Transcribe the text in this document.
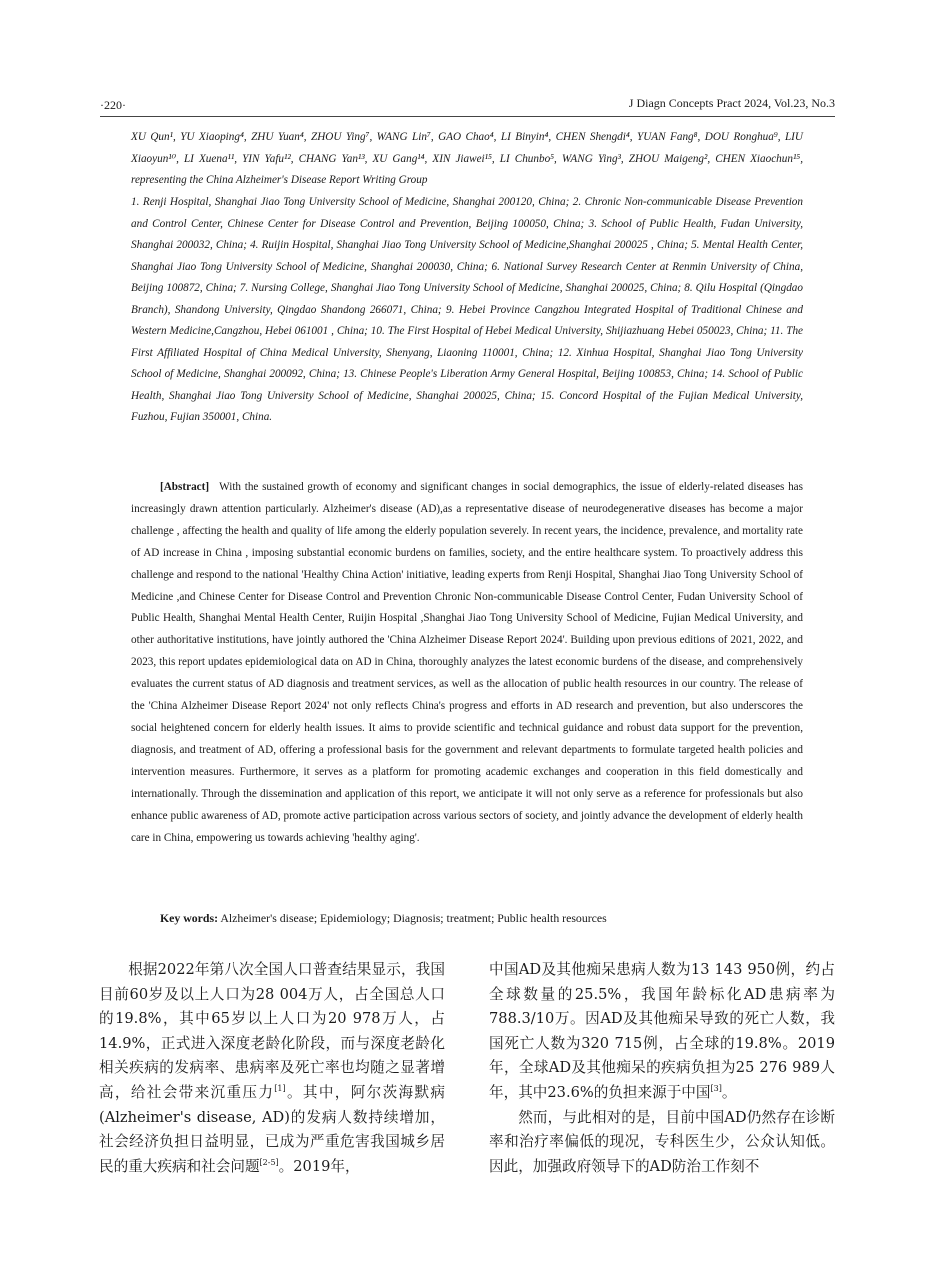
·220·	J Diagn Concepts Pract 2024, Vol.23, No.3
XU Qun¹, YU Xiaoping⁴, ZHU Yuan⁴, ZHOU Ying⁷, WANG Lin⁷, GAO Chao⁴, LI Binyin⁴, CHEN Shengdi⁴, YUAN Fang⁸, DOU Ronghua⁹, LIU Xiaoyun¹⁰, LI Xuena¹¹, YIN Yafu¹², CHANG Yan¹³, XU Gang¹⁴, XIN Jiawei¹⁵, LI Chunbo⁵, WANG Ying³, ZHOU Maigeng², CHEN Xiaochun¹⁵, representing the China Alzheimer's Disease Report Writing Group
1. Renji Hospital, Shanghai Jiao Tong University School of Medicine, Shanghai 200120, China; 2. Chronic Non-communicable Disease Prevention and Control Center, Chinese Center for Disease Control and Prevention, Beijing 100050, China; 3. School of Public Health, Fudan University, Shanghai 200032, China; 4. Ruijin Hospital, Shanghai Jiao Tong University School of Medicine,Shanghai 200025 , China; 5. Mental Health Center, Shanghai Jiao Tong University School of Medicine, Shanghai 200030, China; 6. National Survey Research Center at Renmin University of China, Beijing 100872, China; 7. Nursing College, Shanghai Jiao Tong University School of Medicine, Shanghai 200025, China; 8. Qilu Hospital (Qingdao Branch), Shandong University, Qingdao Shandong 266071, China; 9. Hebei Province Cangzhou Integrated Hospital of Traditional Chinese and Western Medicine,Cangzhou, Hebei 061001 , China; 10. The First Hospital of Hebei Medical University, Shijiazhuang Hebei 050023, China; 11. The First Affiliated Hospital of China Medical University, Shenyang, Liaoning 110001, China; 12. Xinhua Hospital, Shanghai Jiao Tong University School of Medicine, Shanghai 200092, China; 13. Chinese People's Liberation Army General Hospital, Beijing 100853, China; 14. School of Public Health, Shanghai Jiao Tong University School of Medicine, Shanghai 200025, China; 15. Concord Hospital of the Fujian Medical University, Fuzhou, Fujian 350001, China.
[Abstract] With the sustained growth of economy and significant changes in social demographics, the issue of elderly-related diseases has increasingly drawn attention particularly. Alzheimer's disease (AD),as a representative disease of neurodegenerative diseases has become a major challenge , affecting the health and quality of life among the elderly population severely. In recent years, the incidence, prevalence, and mortality rate of AD increase in China , imposing substantial economic burdens on families, society, and the entire healthcare system. To proactively address this challenge and respond to the national 'Healthy China Action' initiative, leading experts from Renji Hospital, Shanghai Jiao Tong University School of Medicine ,and Chinese Center for Disease Control and Prevention Chronic Non-communicable Disease Control Center, Fudan University School of Public Health, Shanghai Mental Health Center, Ruijin Hospital ,Shanghai Jiao Tong University School of Medicine, Fujian Medical University, and other authoritative institutions, have jointly authored the 'China Alzheimer Disease Report 2024'. Building upon previous editions of 2021, 2022, and 2023, this report updates epidemiological data on AD in China, thoroughly analyzes the latest economic burdens of the disease, and comprehensively evaluates the current status of AD diagnosis and treatment services, as well as the allocation of public health resources in our country. The release of the 'China Alzheimer Disease Report 2024' not only reflects China's progress and efforts in AD research and prevention, but also underscores the social heightened concern for elderly health issues. It aims to provide scientific and technical guidance and robust data support for the prevention, diagnosis, and treatment of AD, offering a professional basis for the government and relevant departments to formulate targeted health policies and intervention measures. Furthermore, it serves as a platform for promoting academic exchanges and cooperation in this field domestically and internationally. Through the dissemination and application of this report, we anticipate it will not only serve as a reference for professionals but also enhance public awareness of AD, promote active participation across various sectors of society, and jointly advance the development of elderly health care in China, empowering us towards achieving 'healthy aging'.
Key words: Alzheimer's disease; Epidemiology; Diagnosis; treatment; Public health resources

根据2022年第八次全国人口普查结果显示，我国目前60岁及以上人口为28 004万人，占全国总人口的19.8%，其中65岁以上人口为20 978万人，占14.9%，正式进入深度老龄化阶段，而与深度老龄化相关疾病的发病率、患病率及死亡率也均随之显著增高，给社会带来沉重压力[1]。其中，阿尔茨海默病(Alzheimer's disease, AD)的发病人数持续增加，社会经济负担日益明显，已成为严重危害我国城乡居民的重大疾病和社会问题[2-5]。2019年，

中国AD及其他痴呆患病人数为13 143 950例，约占全球数量的25.5%，我国年龄标化AD患病率为788.3/10万。因AD及其他痴呆导致的死亡人数，我国死亡人数为320 715例，占全球的19.8%。2019年，全球AD及其他痴呆的疾病负担为25 276 989人年，其中23.6%的负担来源于中国[3]。

然而，与此相对的是，目前中国AD仍然存在诊断率和治疗率偏低的现况，专科医生少，公众认知低。因此，加强政府领导下的AD防治工作刻不
